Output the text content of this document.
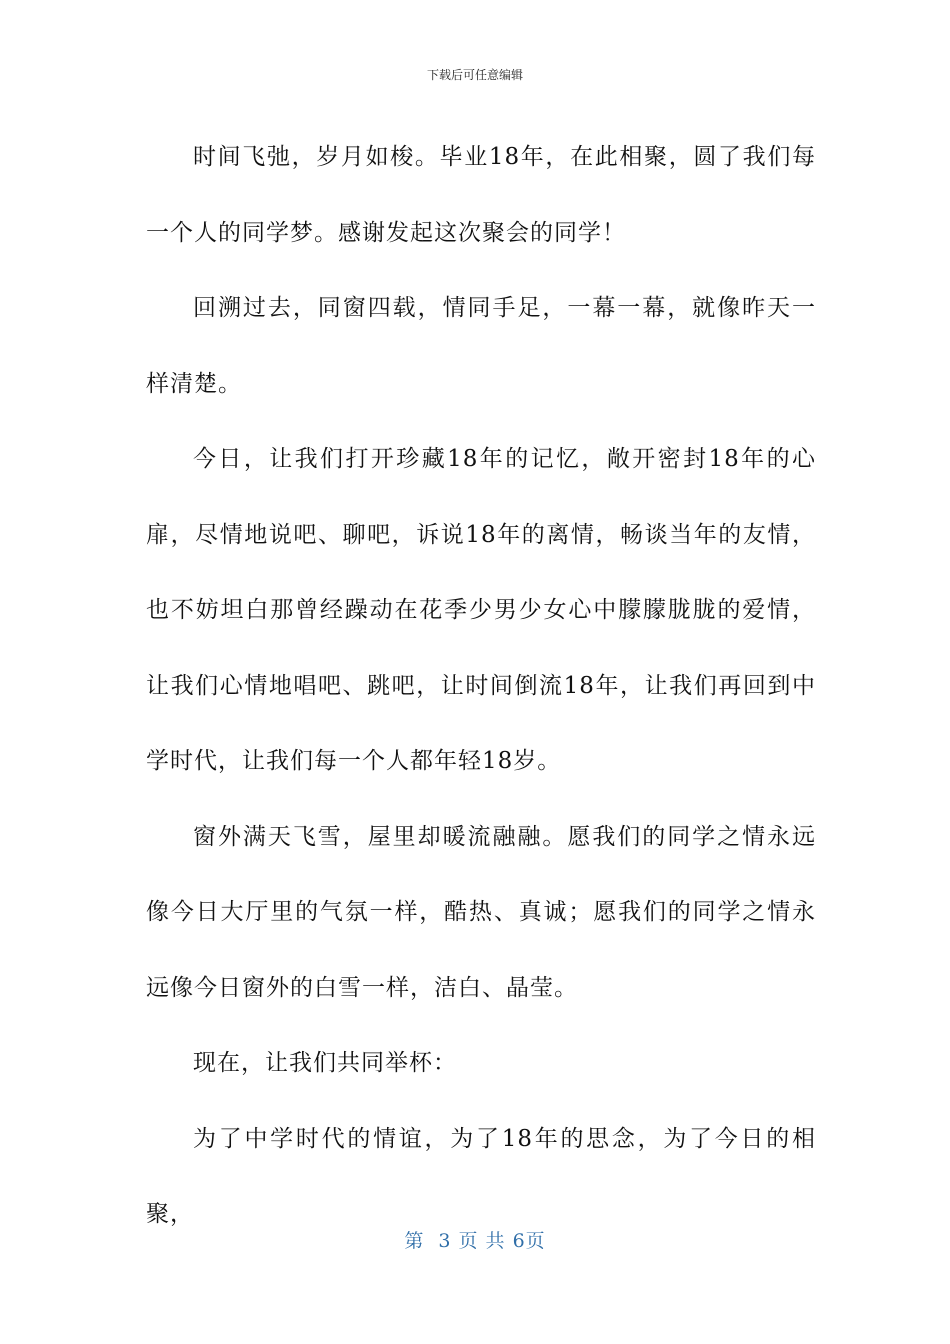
下载后可任意编辑

时间飞弛，岁月如梭。毕业18年，在此相聚，圆了我们每一个人的同学梦。感谢发起这次聚会的同学！

回溯过去，同窗四载，情同手足，一幕一幕，就像昨天一样清楚。

今日，让我们打开珍藏18年的记忆，敞开密封18年的心扉，尽情地说吧、聊吧，诉说18年的离情，畅谈当年的友情，也不妨坦白那曾经躁动在花季少男少女心中朦朦胧胧的爱情，让我们心情地唱吧、跳吧，让时间倒流18年，让我们再回到中学时代，让我们每一个人都年轻18岁。

窗外满天飞雪，屋里却暖流融融。愿我们的同学之情永远像今日大厅里的气氛一样，酷热、真诚；愿我们的同学之情永远像今日窗外的白雪一样，洁白、晶莹。

现在，让我们共同举杯：

为了中学时代的情谊，为了18年的思念，为了今日的相聚，

第  3 页 共 6页
